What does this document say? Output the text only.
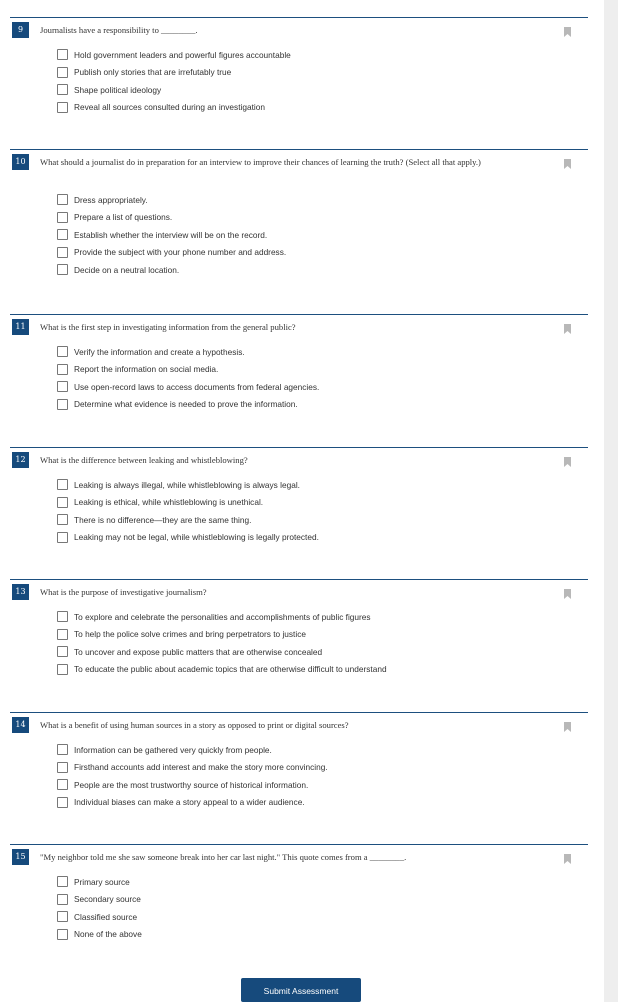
9	Journalists have a responsibility to ________.
Hold government leaders and powerful figures accountable
Publish only stories that are irrefutably true
Shape political ideology
Reveal all sources consulted during an investigation
10	What should a journalist do in preparation for an interview to improve their chances of learning the truth? (Select all that apply.)
Dress appropriately.
Prepare a list of questions.
Establish whether the interview will be on the record.
Provide the subject with your phone number and address.
Decide on a neutral location.
11	What is the first step in investigating information from the general public?
Verify the information and create a hypothesis.
Report the information on social media.
Use open-record laws to access documents from federal agencies.
Determine what evidence is needed to prove the information.
12	What is the difference between leaking and whistleblowing?
Leaking is always illegal, while whistleblowing is always legal.
Leaking is ethical, while whistleblowing is unethical.
There is no difference—they are the same thing.
Leaking may not be legal, while whistleblowing is legally protected.
13	What is the purpose of investigative journalism?
To explore and celebrate the personalities and accomplishments of public figures
To help the police solve crimes and bring perpetrators to justice
To uncover and expose public matters that are otherwise concealed
To educate the public about academic topics that are otherwise difficult to understand
14	What is a benefit of using human sources in a story as opposed to print or digital sources?
Information can be gathered very quickly from people.
Firsthand accounts add interest and make the story more convincing.
People are the most trustworthy source of historical information.
Individual biases can make a story appeal to a wider audience.
15	"My neighbor told me she saw someone break into her car last night." This quote comes from a ________.
Primary source
Secondary source
Classified source
None of the above
Submit Assessment
